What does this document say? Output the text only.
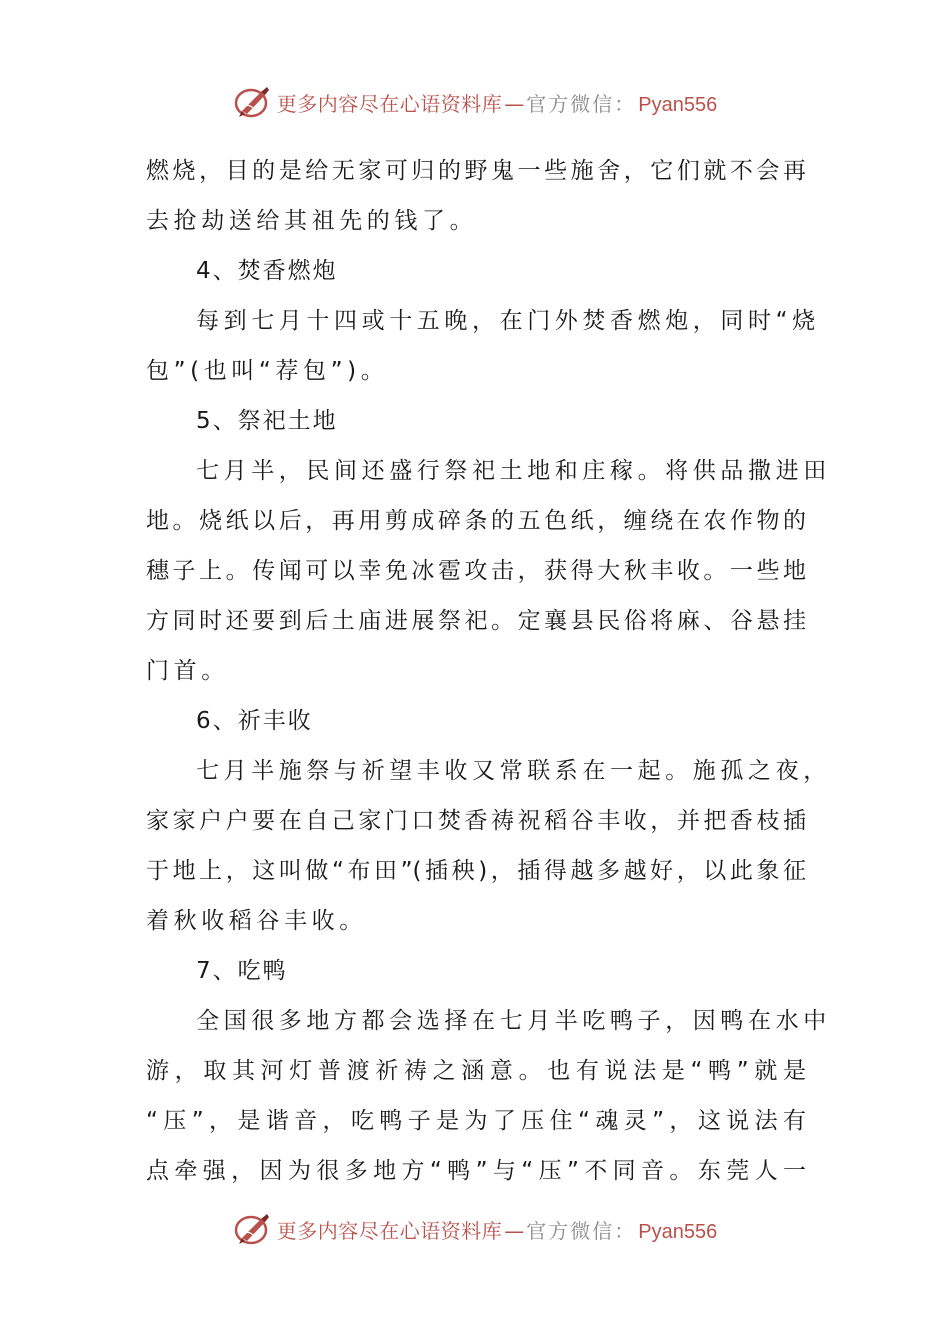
更多内容尽在心语资料库 — 官方微信： Pyan556
燃烧，目的是给无家可归的野鬼一些施舍，它们就不会再
去抢劫送给其祖先的钱了。
4、焚香燃炮
每到七月十四或十五晚，在门外焚香燃炮，同时“烧
包”(也叫“荐包”)。
5、祭祀土地
七月半，民间还盛行祭祀土地和庄稼。将供品撒进田
地。烧纸以后，再用剪成碎条的五色纸，缠绕在农作物的
穗子上。传闻可以幸免冰雹攻击，获得大秋丰收。一些地
方同时还要到后土庙进展祭祀。定襄县民俗将麻、谷悬挂
门首。
6、祈丰收
七月半施祭与祈望丰收又常联系在一起。施孤之夜，
家家户户要在自己家门口焚香祷祝稻谷丰收，并把香枝插
于地上，这叫做“布田”(插秧)，插得越多越好，以此象征
着秋收稻谷丰收。
7、吃鸭
全国很多地方都会选择在七月半吃鸭子，因鸭在水中
游，取其河灯普渡祈祷之涵意。也有说法是“鸭”就是
“压”，是谐音，吃鸭子是为了压住“魂灵”，这说法有
点牵强，因为很多地方“鸭”与“压”不同音。东莞人一
更多内容尽在心语资料库 — 官方微信： Pyan556
